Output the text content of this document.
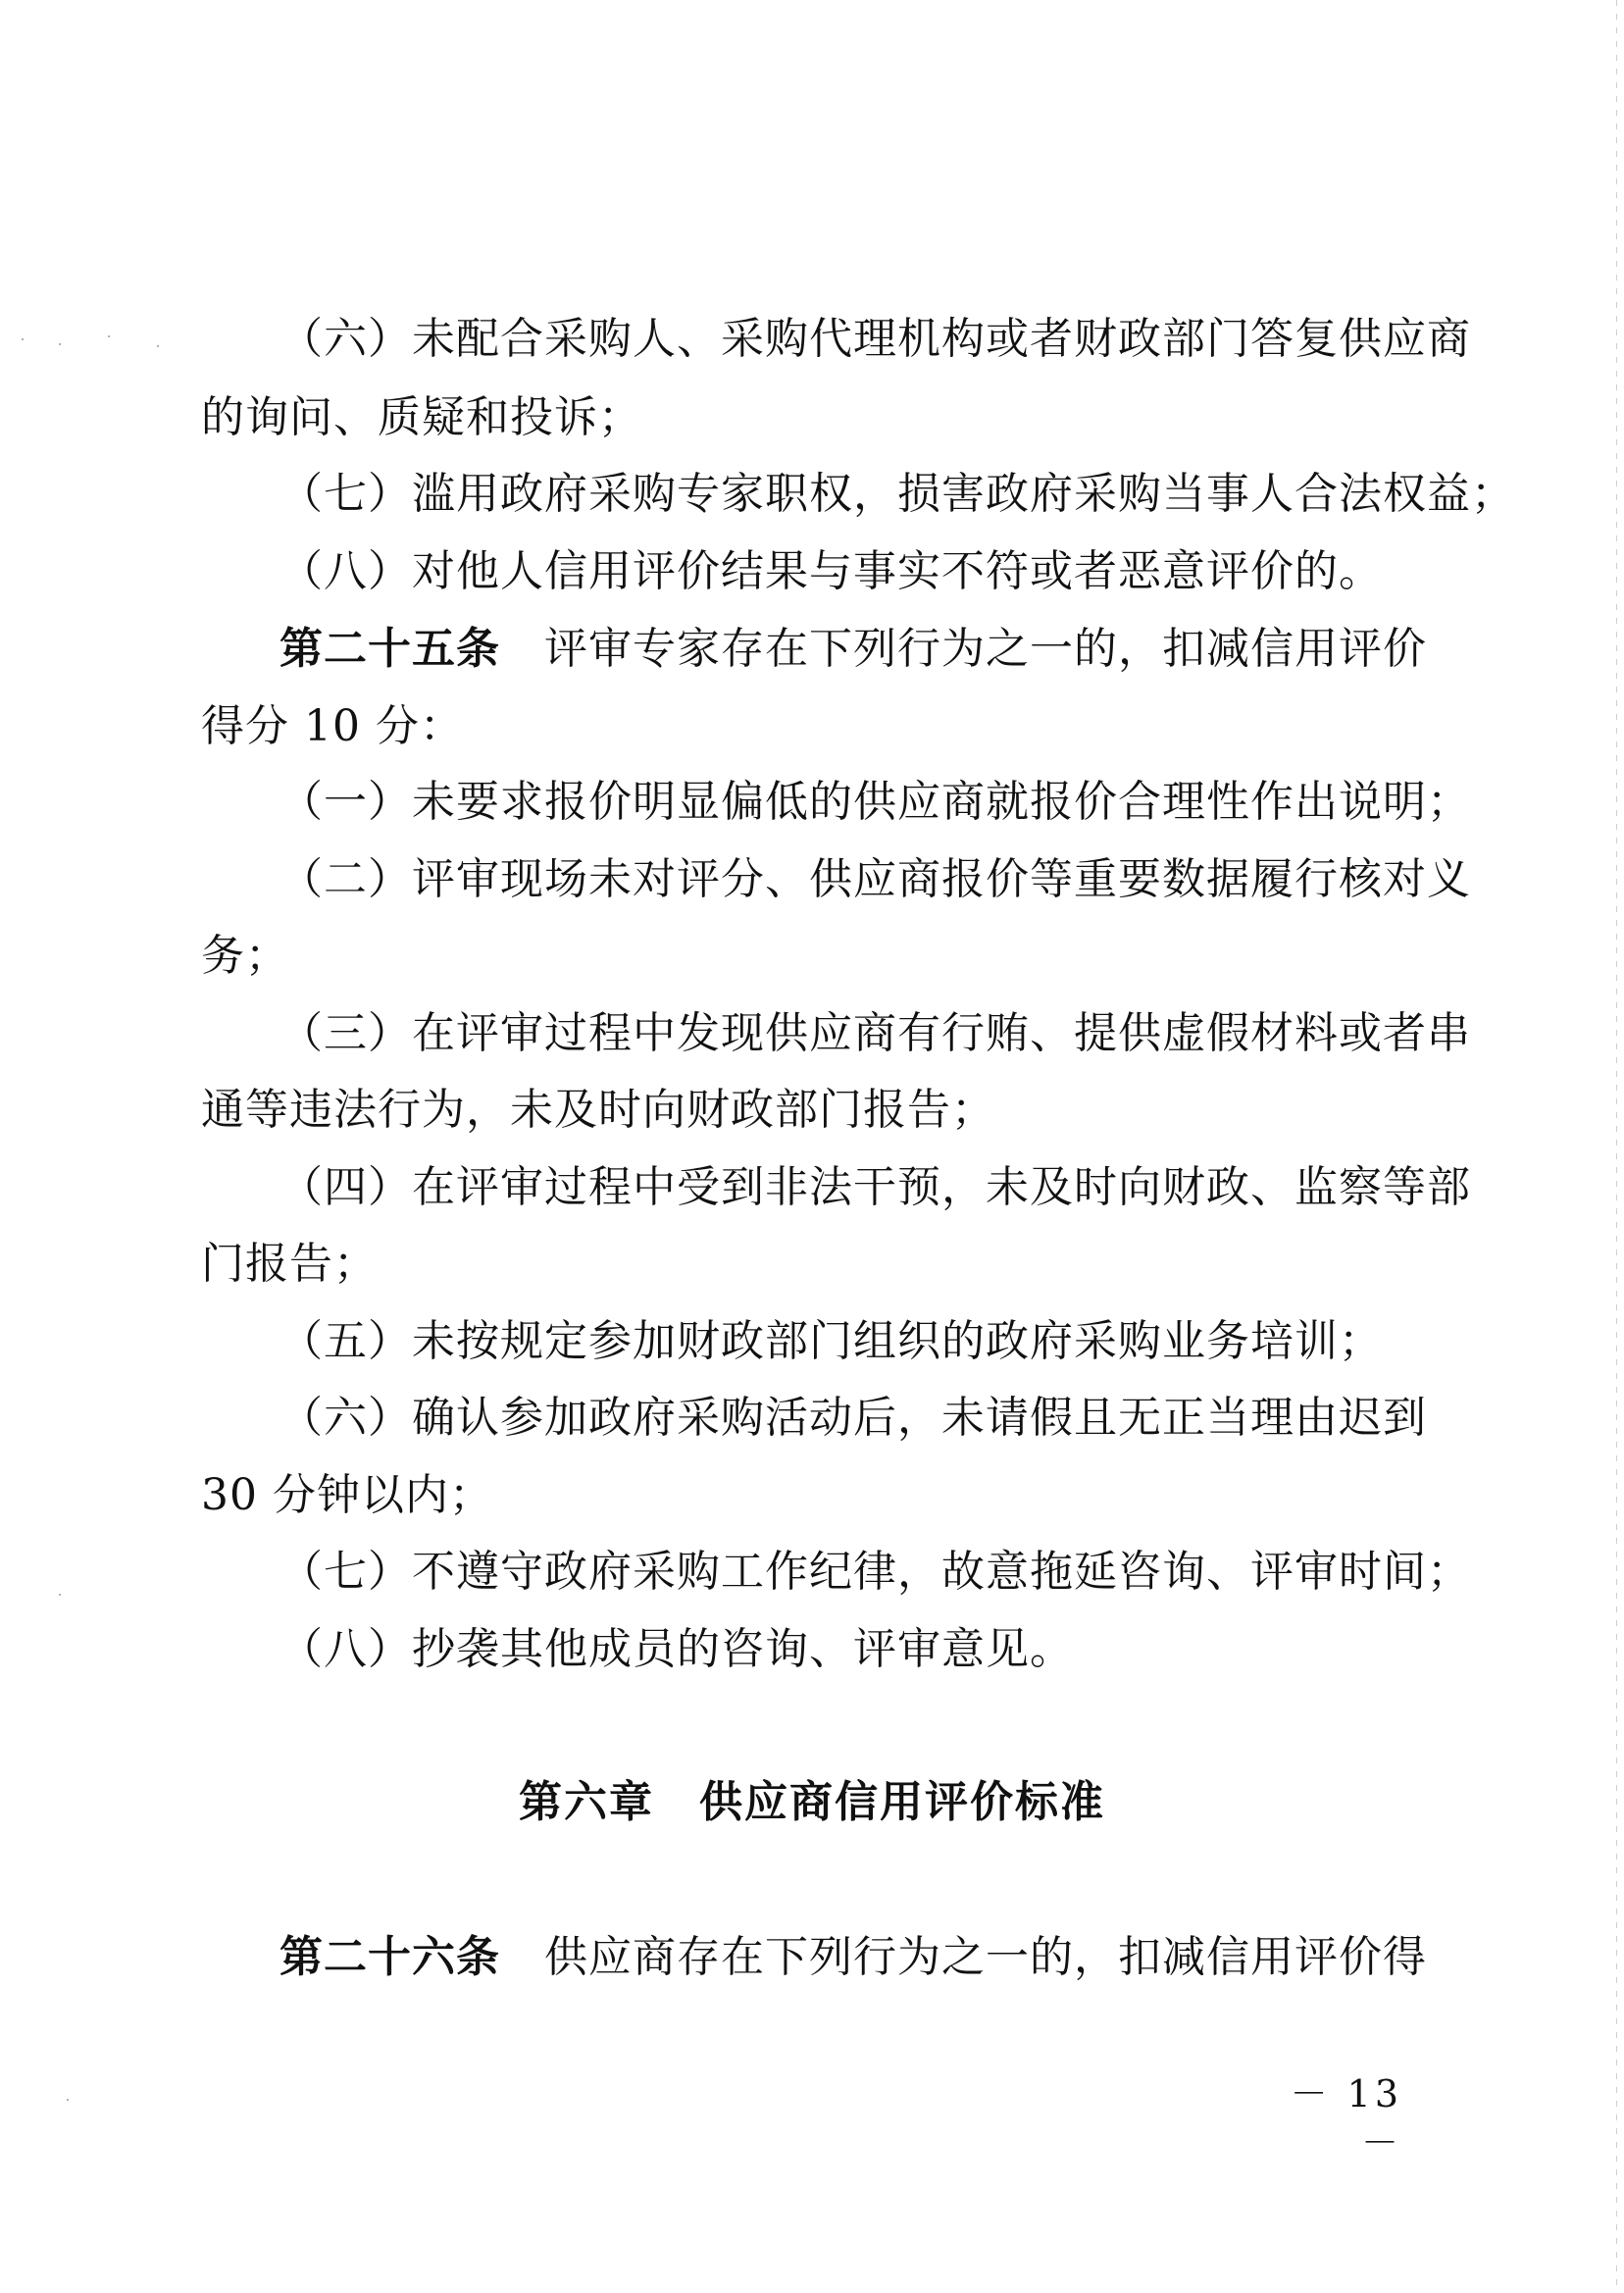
（六）未配合采购人、采购代理机构或者财政部门答复供应商
的询问、质疑和投诉；
（七）滥用政府采购专家职权，损害政府采购当事人合法权益；
（八）对他人信用评价结果与事实不符或者恶意评价的。
第二十五条　评审专家存在下列行为之一的，扣减信用评价
得分 10 分：
（一）未要求报价明显偏低的供应商就报价合理性作出说明；
（二）评审现场未对评分、供应商报价等重要数据履行核对义
务；
（三）在评审过程中发现供应商有行贿、提供虚假材料或者串
通等违法行为，未及时向财政部门报告；
（四）在评审过程中受到非法干预，未及时向财政、监察等部
门报告；
（五）未按规定参加财政部门组织的政府采购业务培训；
（六）确认参加政府采购活动后，未请假且无正当理由迟到
30 分钟以内；
（七）不遵守政府采购工作纪律，故意拖延咨询、评审时间；
（八）抄袭其他成员的咨询、评审意见。
第六章　供应商信用评价标准
第二十六条　供应商存在下列行为之一的，扣减信用评价得
－ 13 －
